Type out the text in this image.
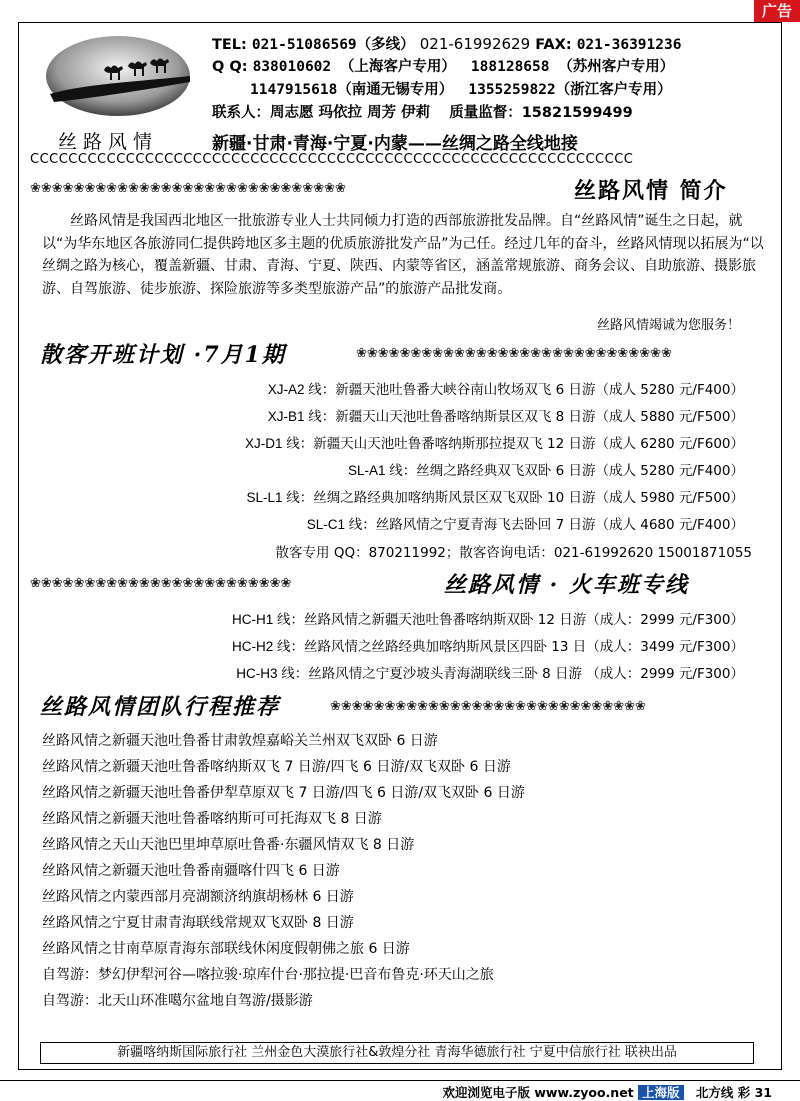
广告
丝路风情
TEL: 021-51086569（多线） 021-61992629 FAX: 021-36391236
Q Q: 838010602 （上海客户专用） 188128658 （苏州客户专用）
1147915618（南通无锡专用） 1355259822（浙江客户专用）
联系人：周志愿 玛依拉 周芳 伊莉 质量监督：15821599499
新疆·甘肃·青海·宁夏·内蒙——丝绸之路全线地接
CCCCCCCCCCCCCCCCCCCCCCCCCCCCCCCCCCCCCCCCCCCCCCCCCCCCCCCCCCCCCCC
❀❀❀❀❀❀❀❀❀❀❀❀❀❀❀❀❀❀❀❀❀❀❀❀❀❀❀❀❀	丝路风情 简介

丝路风情是我国西北地区一批旅游专业人士共同倾力打造的西部旅游批发品牌。自“丝路风情”诞生之日起，就以“为华东地区各旅游同仁提供跨地区多主题的优质旅游批发产品”为己任。经过几年的奋斗，丝路风情现以拓展为“以丝绸之路为核心，覆盖新疆、甘肃、青海、宁夏、陕西、内蒙等省区，涵盖常规旅游、商务会议、自助旅游、摄影旅游、自驾旅游、徒步旅游、探险旅游等多类型旅游产品”的旅游产品批发商。

丝路风情竭诚为您服务！
散客开班计划 ·7月1期	❀❀❀❀❀❀❀❀❀❀❀❀❀❀❀❀❀❀❀❀❀❀❀❀❀❀❀❀❀
XJ-A2 线：新疆天池吐鲁番大峡谷南山牧场双飞 6 日游（成人 5280 元/F400）
XJ-B1 线：新疆天山天池吐鲁番喀纳斯景区双飞 8 日游（成人 5880 元/F500）
XJ-D1 线：新疆天山天池吐鲁番喀纳斯那拉提双飞 12 日游（成人 6280 元/F600）
SL-A1 线：丝绸之路经典双飞双卧 6 日游（成人 5280 元/F400）
SL-L1 线：丝绸之路经典加喀纳斯风景区双飞双卧 10 日游（成人 5980 元/F500）
SL-C1 线：丝路风情之宁夏青海飞去卧回 7 日游（成人 4680 元/F400）
散客专用 QQ：870211992；散客咨询电话：021-61992620 15001871055
❀❀❀❀❀❀❀❀❀❀❀❀❀❀❀❀❀❀❀❀❀❀❀❀	丝路风情 · 火车班专线
HC-H1 线：丝路风情之新疆天池吐鲁番喀纳斯双卧 12 日游（成人：2999 元/F300）
HC-H2 线：丝路风情之丝路经典加喀纳斯风景区四卧 13 日（成人：3499 元/F300）
HC-H3 线：丝路风情之宁夏沙坡头青海湖联线三卧 8 日游 （成人：2999 元/F300）
丝路风情团队行程推荐	❀❀❀❀❀❀❀❀❀❀❀❀❀❀❀❀❀❀❀❀❀❀❀❀❀❀❀❀❀
丝路风情之新疆天池吐鲁番甘肃敦煌嘉峪关兰州双飞双卧 6 日游
丝路风情之新疆天池吐鲁番喀纳斯双飞 7 日游/四飞 6 日游/双飞双卧 6 日游
丝路风情之新疆天池吐鲁番伊犁草原双飞 7 日游/四飞 6 日游/双飞双卧 6 日游
丝路风情之新疆天池吐鲁番喀纳斯可可托海双飞 8 日游
丝路风情之天山天池巴里坤草原吐鲁番·东疆风情双飞 8 日游
丝路风情之新疆天池吐鲁番南疆喀什四飞 6 日游
丝路风情之内蒙西部月亮湖额济纳旗胡杨林 6 日游
丝路风情之宁夏甘肃青海联线常规双飞双卧 8 日游
丝路风情之甘南草原青海东部联线休闲度假朝佛之旅 6 日游
自驾游：梦幻伊犁河谷—喀拉骏·琼库什台·那拉提·巴音布鲁克·环天山之旅
自驾游：北天山环准噶尔盆地自驾游/摄影游
新疆喀纳斯国际旅行社 兰州金色大漠旅行社&敦煌分社 青海华德旅行社 宁夏中信旅行社 联袂出品
欢迎浏览电子版 www.zyoo.net 上海版 北方线 彩 31
